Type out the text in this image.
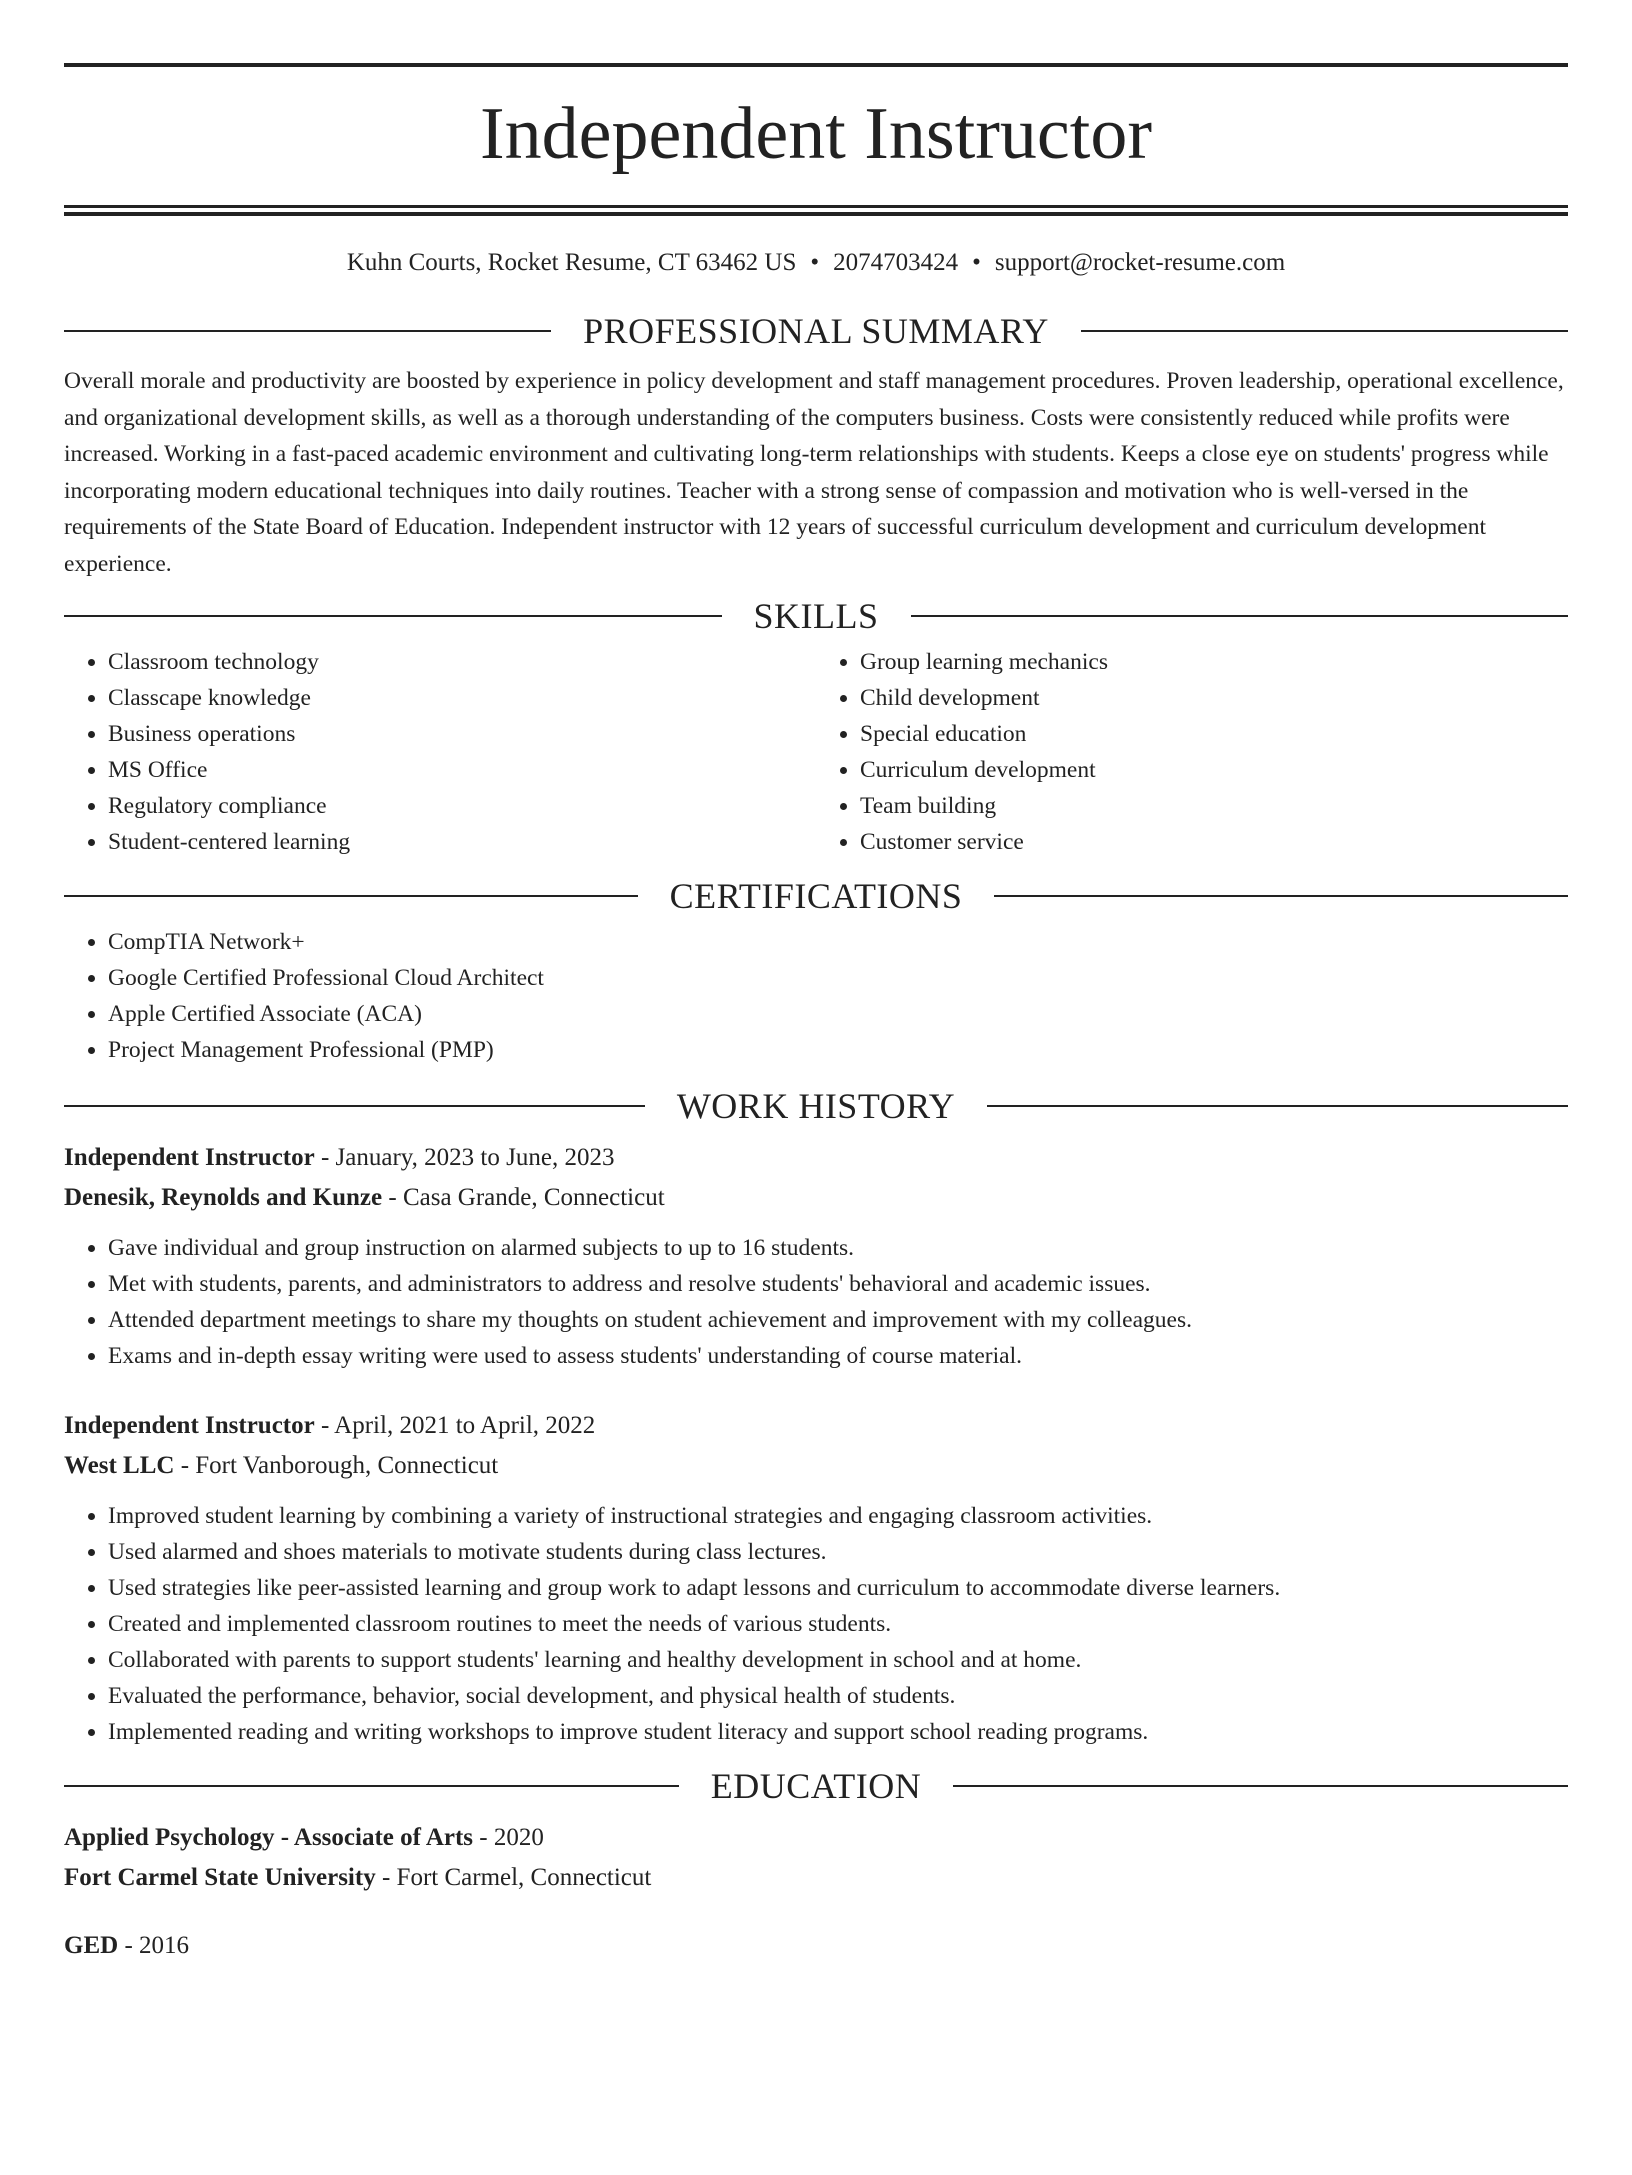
Independent Instructor
Kuhn Courts, Rocket Resume, CT 63462 US • 2074703424 • support@rocket-resume.com
PROFESSIONAL SUMMARY

Overall morale and productivity are boosted by experience in policy development and staff management procedures. Proven leadership, operational excellence, and organizational development skills, as well as a thorough understanding of the computers business. Costs were consistently reduced while profits were increased. Working in a fast-paced academic environment and cultivating long-term relationships with students. Keeps a close eye on students' progress while incorporating modern educational techniques into daily routines. Teacher with a strong sense of compassion and motivation who is well-versed in the requirements of the State Board of Education. Independent instructor with 12 years of successful curriculum development and curriculum development experience.

SKILLS
• Classroom technology
• Classcape knowledge
• Business operations
• MS Office
• Regulatory compliance
• Student-centered learning
• Group learning mechanics
• Child development
• Special education
• Curriculum development
• Team building
• Customer service
CERTIFICATIONS
• CompTIA Network+
• Google Certified Professional Cloud Architect
• Apple Certified Associate (ACA)
• Project Management Professional (PMP)
WORK HISTORY
Independent Instructor - January, 2023 to June, 2023
Denesik, Reynolds and Kunze - Casa Grande, Connecticut
• Gave individual and group instruction on alarmed subjects to up to 16 students.
• Met with students, parents, and administrators to address and resolve students' behavioral and academic issues.
• Attended department meetings to share my thoughts on student achievement and improvement with my colleagues.
• Exams and in-depth essay writing were used to assess students' understanding of course material.
Independent Instructor - April, 2021 to April, 2022
West LLC - Fort Vanborough, Connecticut
• Improved student learning by combining a variety of instructional strategies and engaging classroom activities.
• Used alarmed and shoes materials to motivate students during class lectures.
• Used strategies like peer-assisted learning and group work to adapt lessons and curriculum to accommodate diverse learners.
• Created and implemented classroom routines to meet the needs of various students.
• Collaborated with parents to support students' learning and healthy development in school and at home.
• Evaluated the performance, behavior, social development, and physical health of students.
• Implemented reading and writing workshops to improve student literacy and support school reading programs.
EDUCATION
Applied Psychology - Associate of Arts - 2020
Fort Carmel State University - Fort Carmel, Connecticut
GED - 2016
